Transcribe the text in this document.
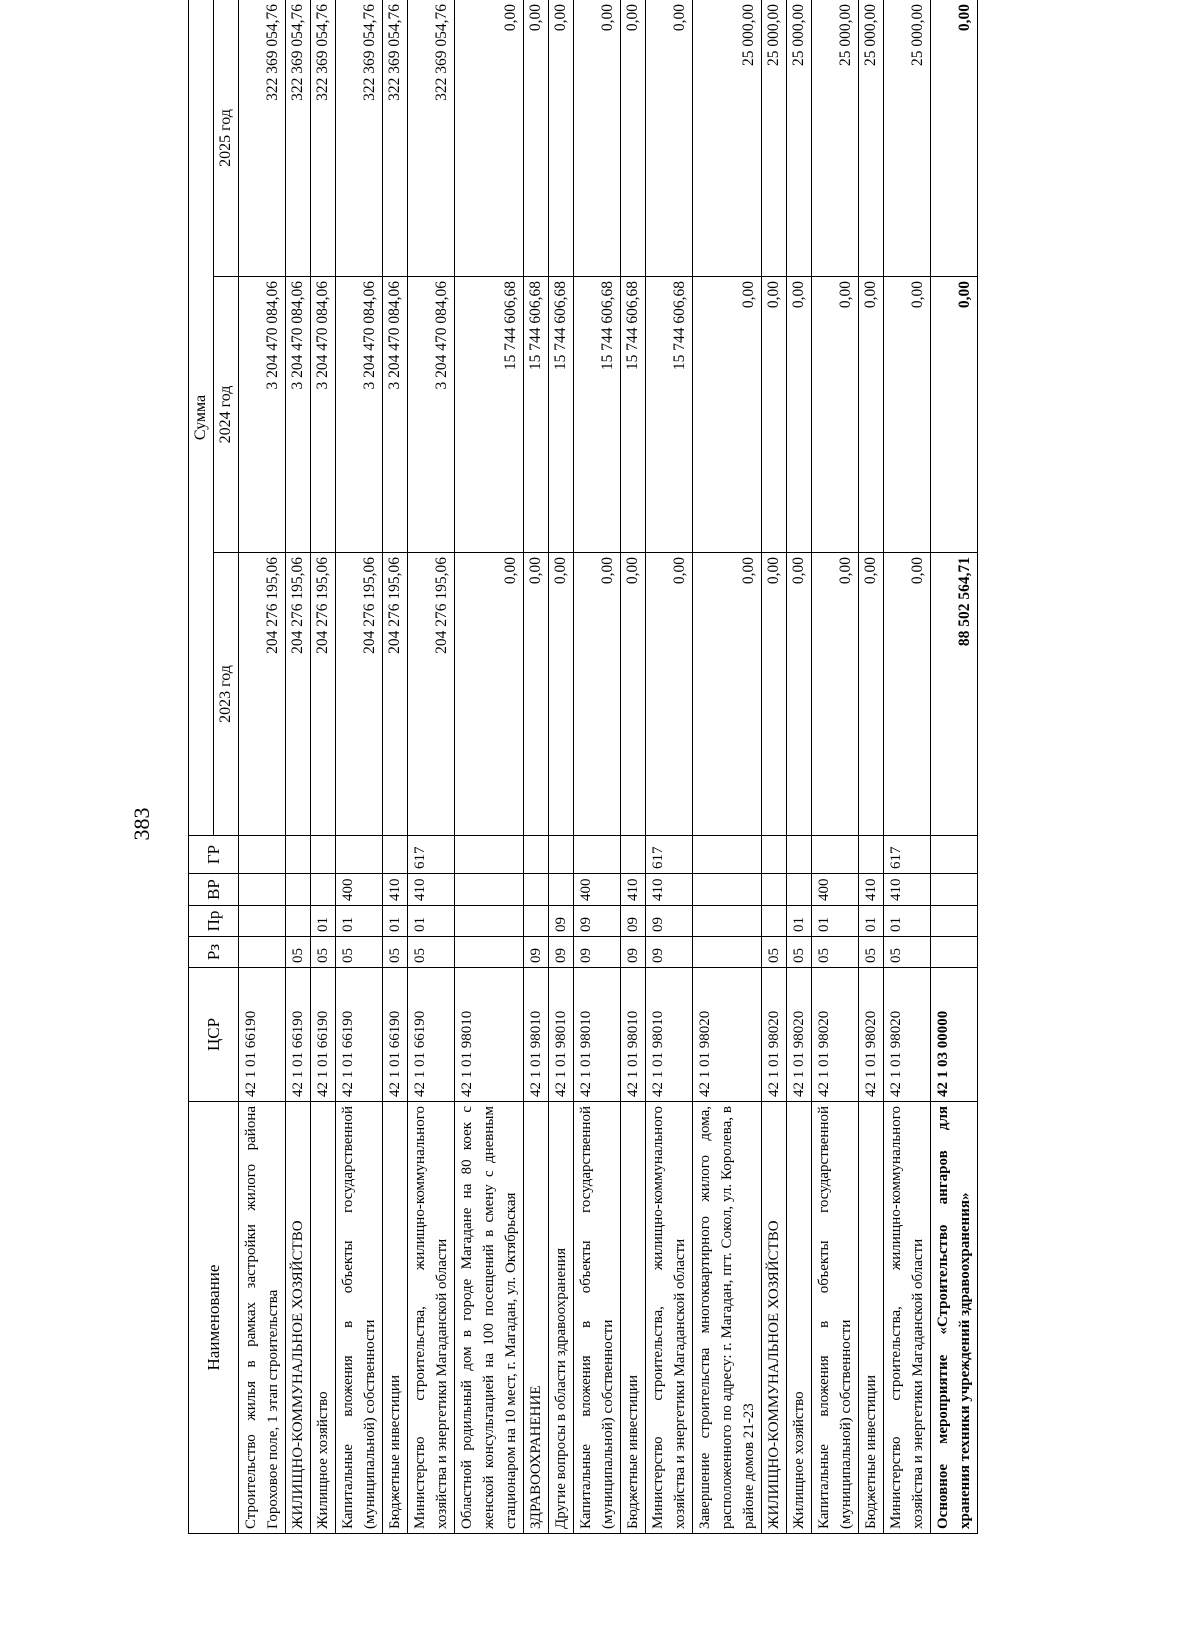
383
Наименование	ЦСР	Рз	Пр	ВР	ГР	Сумма		
						2023 год	2024 год	2025 год
Строительство жилья в рамках застройки жилого района Гороховое поле, 1 этап строительства	42 1 01 66190					204 276 195,06	3 204 470 084,06	322 369 054,76
ЖИЛИЩНО-КОММУНАЛЬНОЕ ХОЗЯЙСТВО	42 1 01 66190	05				204 276 195,06	3 204 470 084,06	322 369 054,76
Жилищное хозяйство	42 1 01 66190	05	01			204 276 195,06	3 204 470 084,06	322 369 054,76
Капитальные вложения в объекты государственной (муниципальной) собственности	42 1 01 66190	05	01	400		204 276 195,06	3 204 470 084,06	322 369 054,76
Бюджетные инвестиции	42 1 01 66190	05	01	410		204 276 195,06	3 204 470 084,06	322 369 054,76
Министерство строительства, жилищно-коммунального хозяйства и энергетики Магаданской области	42 1 01 66190	05	01	410	617	204 276 195,06	3 204 470 084,06	322 369 054,76
Областной родильный дом в городе Магадане на 80 коек с женской консультацией на 100 посещений в смену с дневным стационаром на 10 мест, г. Магадан, ул. Октябрьская	42 1 01 98010					0,00	15 744 606,68	0,00
ЗДРАВООХРАНЕНИЕ	42 1 01 98010	09				0,00	15 744 606,68	0,00
Другие вопросы в области здравоохранения	42 1 01 98010	09	09			0,00	15 744 606,68	0,00
Капитальные вложения в объекты государственной (муниципальной) собственности	42 1 01 98010	09	09	400		0,00	15 744 606,68	0,00
Бюджетные инвестиции	42 1 01 98010	09	09	410		0,00	15 744 606,68	0,00
Министерство строительства, жилищно-коммунального хозяйства и энергетики Магаданской области	42 1 01 98010	09	09	410	617	0,00	15 744 606,68	0,00
Завершение строительства многоквартирного жилого дома, расположенного по адресу: г. Магадан, пгт. Сокол, ул. Королева, в районе домов 21-23	42 1 01 98020					0,00	0,00	25 000,00
ЖИЛИЩНО-КОММУНАЛЬНОЕ ХОЗЯЙСТВО	42 1 01 98020	05				0,00	0,00	25 000,00
Жилищное хозяйство	42 1 01 98020	05	01			0,00	0,00	25 000,00
Капитальные вложения в объекты государственной (муниципальной) собственности	42 1 01 98020	05	01	400		0,00	0,00	25 000,00
Бюджетные инвестиции	42 1 01 98020	05	01	410		0,00	0,00	25 000,00
Министерство строительства, жилищно-коммунального хозяйства и энергетики Магаданской области	42 1 01 98020	05	01	410	617	0,00	0,00	25 000,00
Основное мероприятие «Строительство ангаров для хранения техники учреждений здравоохранения»	42 1 03 00000					88 502 564,71	0,00	0,00
